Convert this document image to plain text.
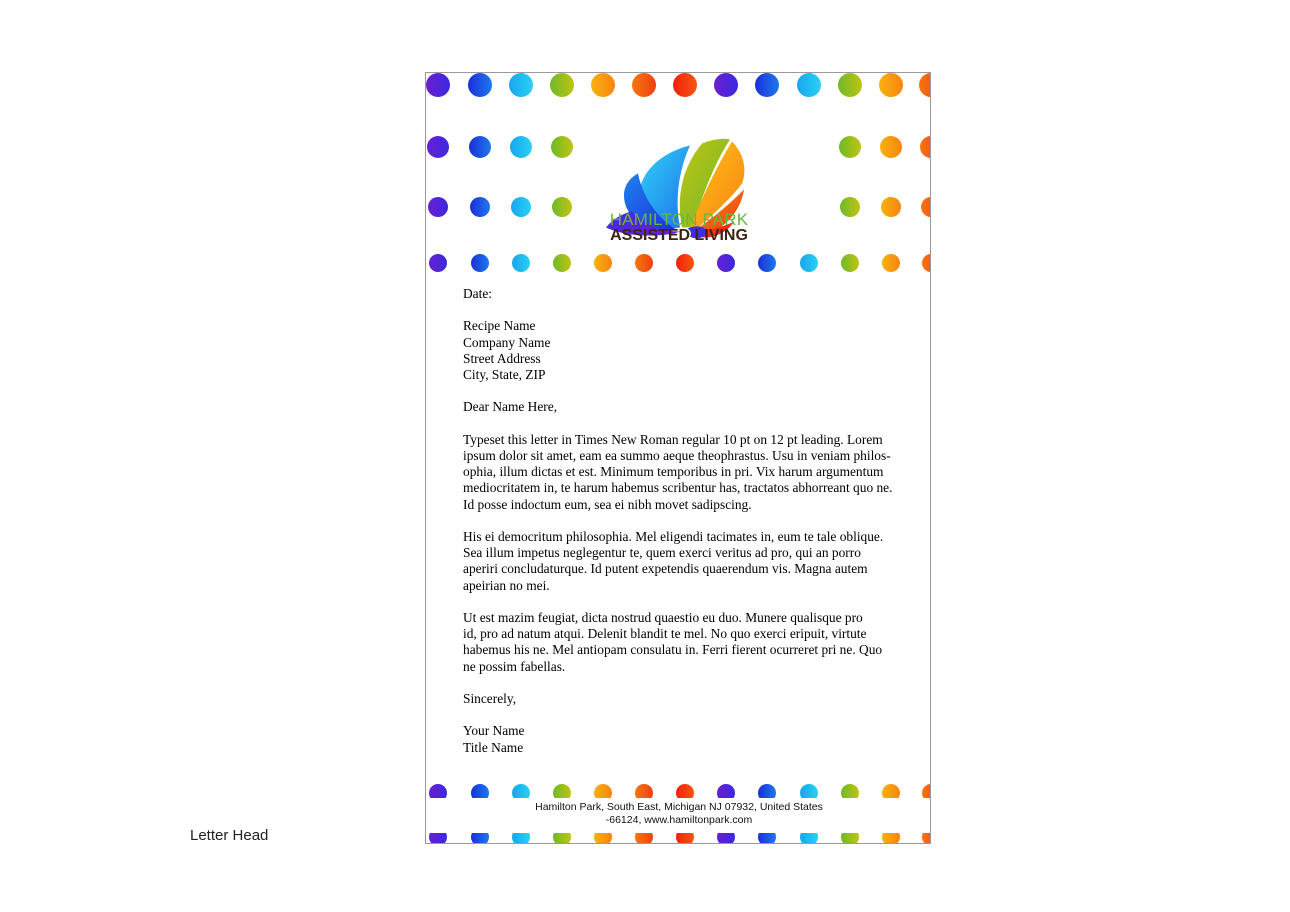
Letter Head
HAMILTON PARK
ASSISTED LIVING

Date:

Recipe Name
Company Name
Street Address
City, State, ZIP

Dear Name Here,

Typeset this letter in Times New Roman regular 10 pt on 12 pt leading. Lorem
ipsum dolor sit amet, eam ea summo aeque theophrastus. Usu in veniam philos-
ophia, illum dictas et est. Minimum temporibus in pri. Vix harum argumentum
mediocritatem in, te harum habemus scribentur has, tractatos abhorreant quo ne.
Id posse indoctum eum, sea ei nibh movet sadipscing.

His ei democritum philosophia. Mel eligendi tacimates in, eum te tale oblique.
Sea illum impetus neglegentur te, quem exerci veritus ad pro, qui an porro
aperiri concludaturque. Id putent expetendis quaerendum vis. Magna autem
apeirian no mei.

Ut est mazim feugiat, dicta nostrud quaestio eu duo. Munere qualisque pro
id, pro ad natum atqui. Delenit blandit te mel. No quo exerci eripuit, virtute
habemus his ne. Mel antiopam consulatu in. Ferri fierent ocurreret pri ne. Quo
ne possim fabellas.

Sincerely,

Your Name
Title Name

Hamilton Park, South East, Michigan NJ 07932, United States
-66124, www.hamiltonpark.com
